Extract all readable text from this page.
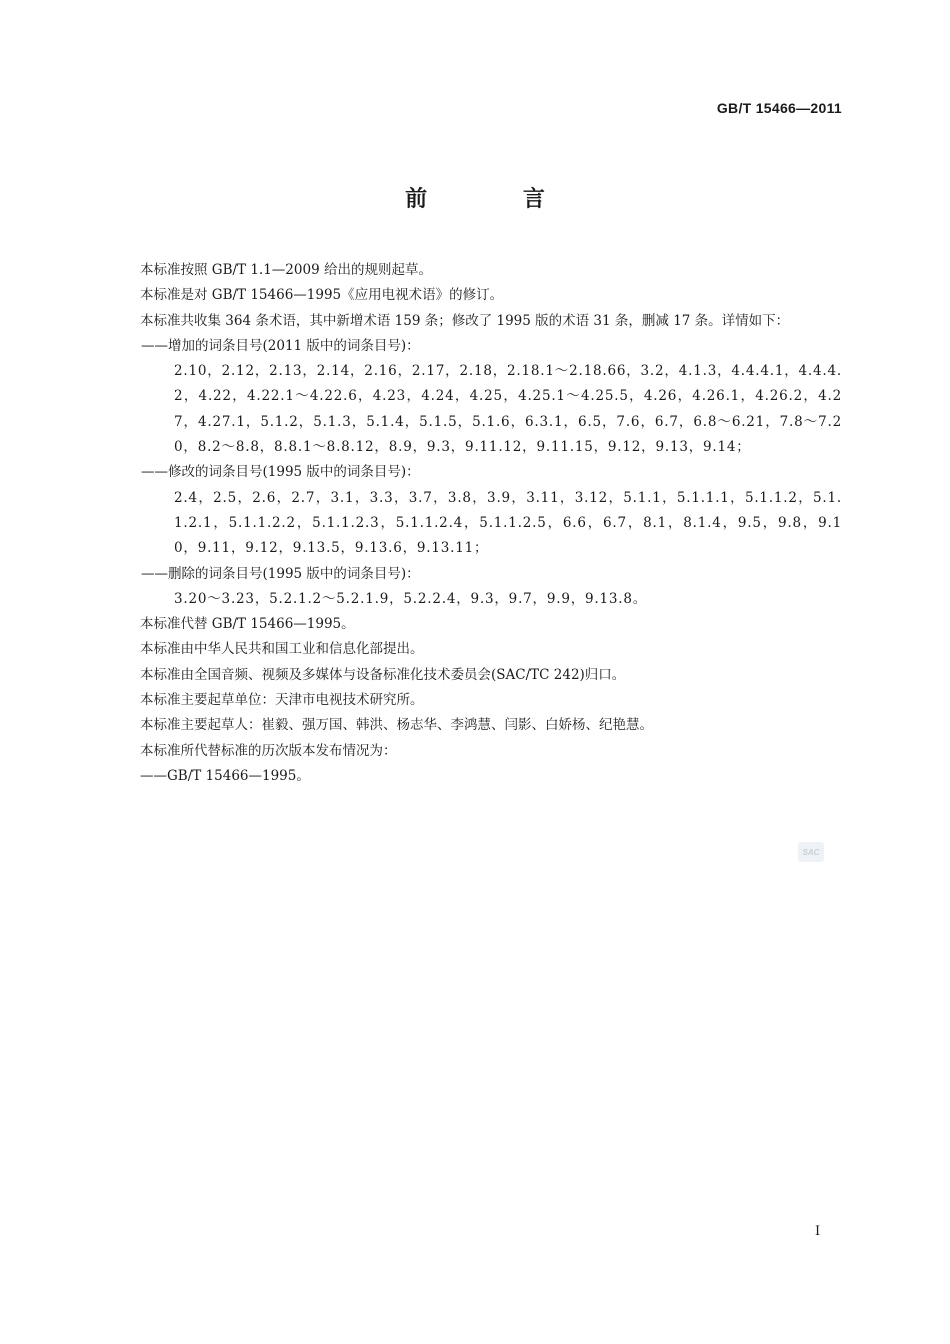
GB/T 15466—2011
前 言

本标准按照 GB/T 1.1—2009 给出的规则起草。

本标准是对 GB/T 15466—1995《应用电视术语》的修订。

本标准共收集 364 条术语，其中新增术语 159 条；修改了 1995 版的术语 31 条，删减 17 条。详情如下：

——增加的词条目号(2011 版中的词条目号)：

2.10，2.12，2.13，2.14，2.16，2.17，2.18，2.18.1～2.18.66，3.2，4.1.3，4.4.4.1，4.4.4.2，4.22，4.22.1～4.22.6，4.23，4.24，4.25，4.25.1～4.25.5，4.26，4.26.1，4.26.2，4.27，4.27.1，5.1.2，5.1.3，5.1.4，5.1.5，5.1.6，6.3.1，6.5，7.6，6.7，6.8～6.21，7.8～7.20，8.2～8.8，8.8.1～8.8.12，8.9，9.3，9.11.12，9.11.15，9.12，9.13，9.14；

——修改的词条目号(1995 版中的词条目号)：

2.4，2.5，2.6，2.7，3.1，3.3，3.7，3.8，3.9，3.11，3.12，5.1.1，5.1.1.1，5.1.1.2，5.1.1.2.1，5.1.1.2.2，5.1.1.2.3，5.1.1.2.4，5.1.1.2.5，6.6，6.7，8.1，8.1.4，9.5，9.8，9.10，9.11，9.12，9.13.5，9.13.6，9.13.11；

——删除的词条目号(1995 版中的词条目号)：

3.20～3.23，5.2.1.2～5.2.1.9，5.2.2.4，9.3，9.7，9.9，9.13.8。

本标准代替 GB/T 15466—1995。

本标准由中华人民共和国工业和信息化部提出。

本标准由全国音频、视频及多媒体与设备标准化技术委员会(SAC/TC 242)归口。

本标准主要起草单位：天津市电视技术研究所。

本标准主要起草人：崔毅、强万国、韩洪、杨志华、李鸿慧、闫影、白娇杨、纪艳慧。

本标准所代替标准的历次版本发布情况为：

——GB/T 15466—1995。

SAC
I
